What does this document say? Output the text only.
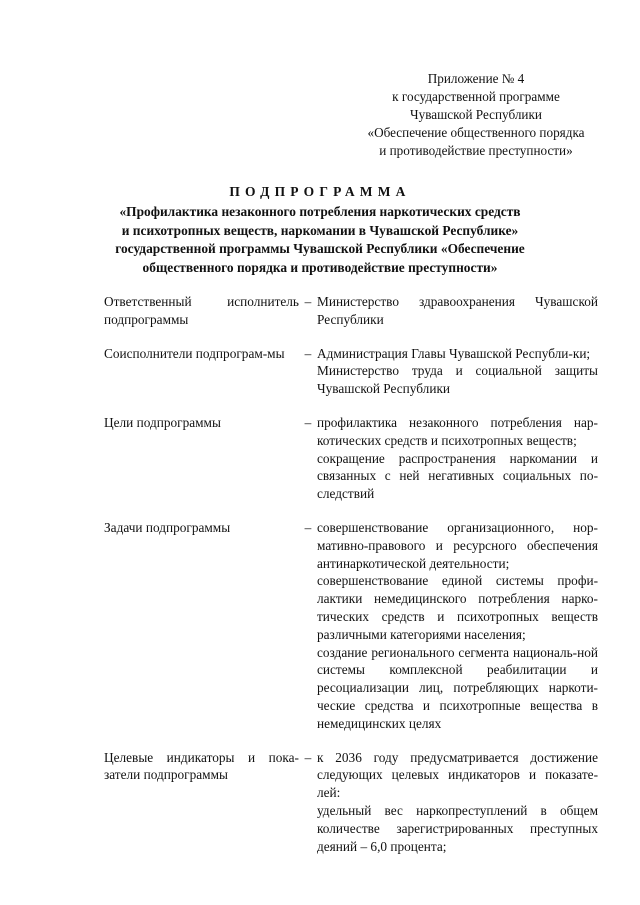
Приложение № 4
к государственной программе
Чувашской Республики
«Обеспечение общественного порядка
и противодействие преступности»
ПОДПРОГРАММА
«Профилактика незаконного потребления наркотических средств
и психотропных веществ, наркомании в Чувашской Республике»
государственной программы Чувашской Республики «Обеспечение
общественного порядка и противодействие преступности»
Ответственный исполнитель подпрограммы
– Министерство здравоохранения Чувашской Республики

Соисполнители подпрограм-мы	– Администрация Главы Чувашской Республи-ки;

Министерство труда и социальной защиты Чувашской Республики

Цели подпрограммы	– профилактика незаконного потребления нар-котических средств и психотропных веществ;

сокращение распространения наркомании и связанных с ней негативных социальных по-следствий

Задачи подпрограммы	– совершенствование организационного, нор-мативно-правового и ресурсного обеспечения антинаркотической деятельности;

совершенствование единой системы профи-лактики немедицинского потребления нарко-тических средств и психотропных веществ различными категориями населения;

создание регионального сегмента националь-ной системы комплексной реабилитации и ресоциализации лиц, потребляющих наркоти-ческие средства и психотропные вещества в немедицинских целях

Целевые индикаторы и пока-затели подпрограммы
– к 2036 году предусматривается достижение следующих целевых индикаторов и показате-лей:

удельный вес наркопреступлений в общем количестве зарегистрированных преступных деяний – 6,0 процента;
